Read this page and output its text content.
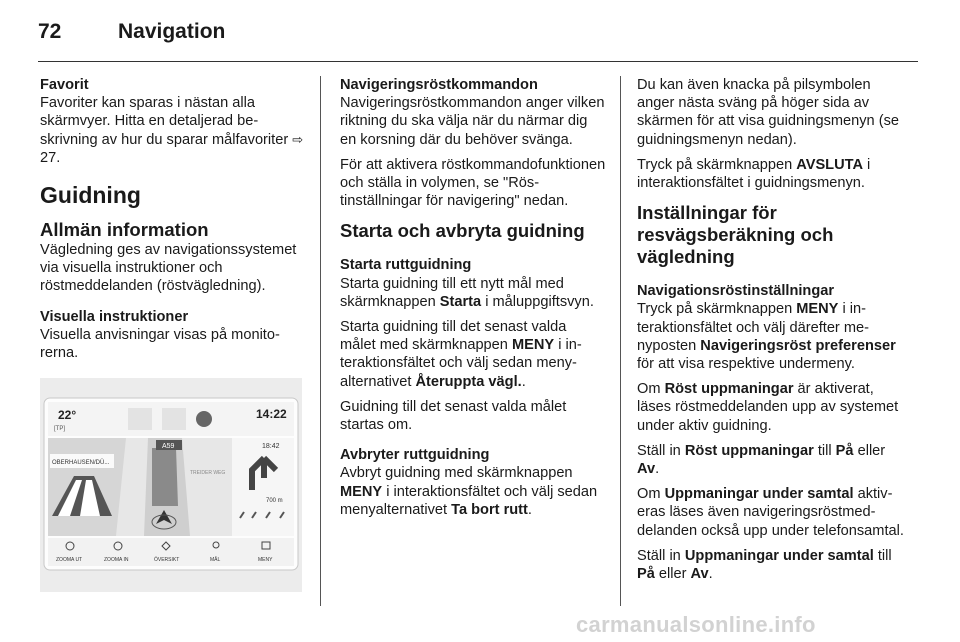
72	Navigation

Favorit

Favoriter kan sparas i nästan alla skärmvyer. Hitta en detaljerad beskrivning av hur du sparar målfavoriter ⇨ 27.

Guidning
Allmän information

Vägledning ges av navigationssystemet via visuella instruktioner och röstmeddelanden (röstvägledning).

Visuella instruktioner

Visuella anvisningar visas på monitorerna.

22°
[TP]
14:22
OBERHAUSEN/DÜ...
A59
TREIDER WEG
18:42
700 m
ZOOMA UT	ZOOMA IN	ÖVERSIKT	MÅL	MENY

Navigeringsröstkommandon

Navigeringsröstkommandon anger vilken riktning du ska välja när du närmar dig en korsning där du behöver svänga.

För att aktivera röstkommandofunktionen och ställa in volymen, se "Röstinställningar för navigering" nedan.

Starta och avbryta guidning

Starta ruttguidning

Starta guidning till ett nytt mål med skärmknappen Starta i måluppgiftsvyn.

Starta guidning till det senast valda målet med skärmknappen MENY i interaktionsfältet och välj sedan menyalternativet Återuppta vägl..

Guidning till det senast valda målet startas om.

Avbryter ruttguidning

Avbryt guidning med skärmknappen MENY i interaktionsfältet och välj sedan menyalternativet Ta bort rutt.

Du kan även knacka på pilsymbolen anger nästa sväng på höger sida av skärmen för att visa guidningsmenyn (se guidningsmenyn nedan).

Tryck på skärmknappen AVSLUTA i interaktionsfältet i guidningsmenyn.

Inställningar för resvägsberäkning och vägledning

Navigationsröstinställningar

Tryck på skärmknappen MENY i interaktionsfältet och välj därefter menyposten Navigeringsröst preferenser för att visa respektive undermeny.

Om Röst uppmaningar är aktiverat, läses röstmeddelanden upp av systemet under aktiv guidning.

Ställ in Röst uppmaningar till På eller Av.

Om Uppmaningar under samtal aktiveras läses även navigeringsröstmeddelanden också upp under telefonsamtal.

Ställ in Uppmaningar under samtal till På eller Av.

carmanualsonline.info
